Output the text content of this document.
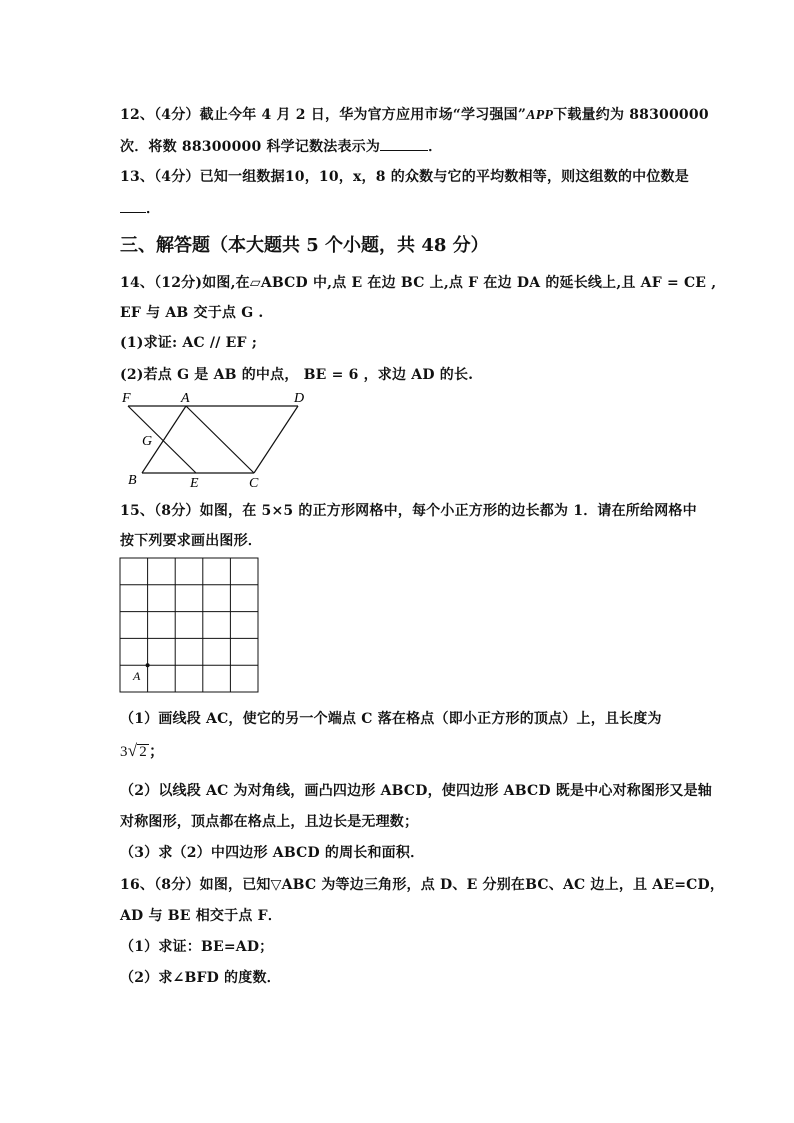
12、（4分）截止今年 4 月 2 日，华为官方应用市场“学习强国”APP下载量约为 88300000
次．将数 88300000 科学记数法表示为	．
13、（4分）已知一组数据10，10，x，8 的众数与它的平均数相等，则这组数的中位数是
．
三、解答题（本大题共 5 个小题，共 48 分）
14、（12分)如图,在▱ABCD 中,点 E 在边 BC 上,点 F 在边 DA 的延长线上,且 AF = CE ,
EF 与 AB 交于点 G .
(1)求证: AC // EF ;
(2)若点 G 是 AB 的中点， BE = 6 ，求边 AD 的长.
F	A	D
G
B	E	C
15、（8分）如图，在 5×5 的正方形网格中，每个小正方形的边长都为 1．请在所给网格中
按下列要求画出图形．
A
（1）画线段 AC，使它的另一个端点 C 落在格点（即小正方形的顶点）上，且长度为
3√ 2 ；
（2）以线段 AC 为对角线，画凸四边形 ABCD，使四边形 ABCD 既是中心对称图形又是轴
对称图形，顶点都在格点上，且边长是无理数；
（3）求（2）中四边形 ABCD 的周长和面积．
16、（8分）如图，已知▽ABC 为等边三角形，点 D、E 分别在BC、AC 边上，且 AE=CD，
AD 与 BE 相交于点 F．
（1）求证：BE=AD；
（2）求∠BFD 的度数．
